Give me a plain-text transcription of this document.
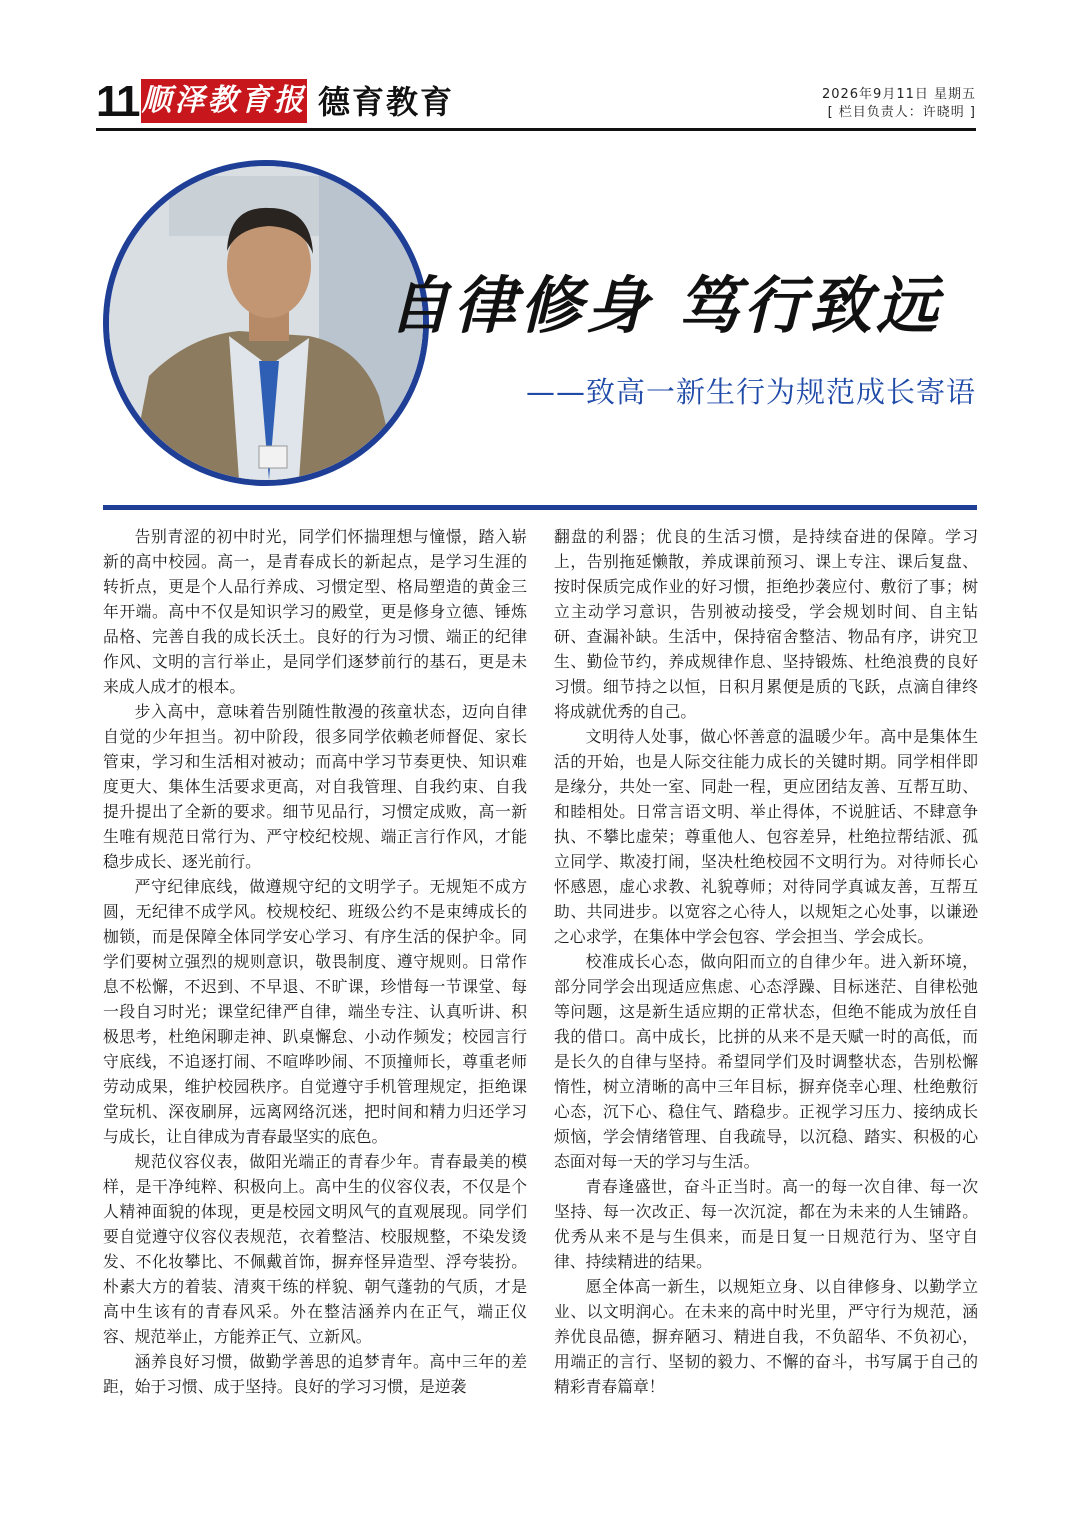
11 顺泽教育报 德育教育	2026年9月11日 星期五
[ 栏目负责人：许晓明 ]
自律修身 笃行致远
——致高一新生行为规范成长寄语

告别青涩的初中时光，同学们怀揣理想与憧憬，踏入崭新的高中校园。高一，是青春成长的新起点，是学习生涯的转折点，更是个人品行养成、习惯定型、格局塑造的黄金三年开端。高中不仅是知识学习的殿堂，更是修身立德、锤炼品格、完善自我的成长沃土。良好的行为习惯、端正的纪律作风、文明的言行举止，是同学们逐梦前行的基石，更是未来成人成才的根本。

步入高中，意味着告别随性散漫的孩童状态，迈向自律自觉的少年担当。初中阶段，很多同学依赖老师督促、家长管束，学习和生活相对被动；而高中学习节奏更快、知识难度更大、集体生活要求更高，对自我管理、自我约束、自我提升提出了全新的要求。细节见品行，习惯定成败，高一新生唯有规范日常行为、严守校纪校规、端正言行作风，才能稳步成长、逐光前行。

严守纪律底线，做遵规守纪的文明学子。无规矩不成方圆，无纪律不成学风。校规校纪、班级公约不是束缚成长的枷锁，而是保障全体同学安心学习、有序生活的保护伞。同学们要树立强烈的规则意识，敬畏制度、遵守规则。日常作息不松懈，不迟到、不早退、不旷课，珍惜每一节课堂、每一段自习时光；课堂纪律严自律，端坐专注、认真听讲、积极思考，杜绝闲聊走神、趴桌懈怠、小动作频发；校园言行守底线，不追逐打闹、不喧哗吵闹、不顶撞师长，尊重老师劳动成果，维护校园秩序。自觉遵守手机管理规定，拒绝课堂玩机、深夜刷屏，远离网络沉迷，把时间和精力归还学习与成长，让自律成为青春最坚实的底色。

规范仪容仪表，做阳光端正的青春少年。青春最美的模样，是干净纯粹、积极向上。高中生的仪容仪表，不仅是个人精神面貌的体现，更是校园文明风气的直观展现。同学们要自觉遵守仪容仪表规范，衣着整洁、校服规整，不染发烫发、不化妆攀比、不佩戴首饰，摒弃怪异造型、浮夸装扮。朴素大方的着装、清爽干练的样貌、朝气蓬勃的气质，才是高中生该有的青春风采。外在整洁涵养内在正气，端正仪容、规范举止，方能养正气、立新风。

涵养良好习惯，做勤学善思的追梦青年。高中三年的差距，始于习惯、成于坚持。良好的学习习惯，是逆袭

翻盘的利器；优良的生活习惯，是持续奋进的保障。学习上，告别拖延懒散，养成课前预习、课上专注、课后复盘、按时保质完成作业的好习惯，拒绝抄袭应付、敷衍了事；树立主动学习意识，告别被动接受，学会规划时间、自主钻研、查漏补缺。生活中，保持宿舍整洁、物品有序，讲究卫生、勤俭节约，养成规律作息、坚持锻炼、杜绝浪费的良好习惯。细节持之以恒，日积月累便是质的飞跃，点滴自律终将成就优秀的自己。

文明待人处事，做心怀善意的温暖少年。高中是集体生活的开始，也是人际交往能力成长的关键时期。同学相伴即是缘分，共处一室、同赴一程，更应团结友善、互帮互助、和睦相处。日常言语文明、举止得体，不说脏话、不肆意争执、不攀比虚荣；尊重他人、包容差异，杜绝拉帮结派、孤立同学、欺凌打闹，坚决杜绝校园不文明行为。对待师长心怀感恩，虚心求教、礼貌尊师；对待同学真诚友善，互帮互助、共同进步。以宽容之心待人，以规矩之心处事，以谦逊之心求学，在集体中学会包容、学会担当、学会成长。

校准成长心态，做向阳而立的自律少年。进入新环境，部分同学会出现适应焦虑、心态浮躁、目标迷茫、自律松弛等问题，这是新生适应期的正常状态，但绝不能成为放任自我的借口。高中成长，比拼的从来不是天赋一时的高低，而是长久的自律与坚持。希望同学们及时调整状态，告别松懈惰性，树立清晰的高中三年目标，摒弃侥幸心理、杜绝敷衍心态，沉下心、稳住气、踏稳步。正视学习压力、接纳成长烦恼，学会情绪管理、自我疏导，以沉稳、踏实、积极的心态面对每一天的学习与生活。

青春逢盛世，奋斗正当时。高一的每一次自律、每一次坚持、每一次改正、每一次沉淀，都在为未来的人生铺路。优秀从来不是与生俱来，而是日复一日规范行为、坚守自律、持续精进的结果。

愿全体高一新生，以规矩立身、以自律修身、以勤学立业、以文明润心。在未来的高中时光里，严守行为规范，涵养优良品德，摒弃陋习、精进自我，不负韶华、不负初心，用端正的言行、坚韧的毅力、不懈的奋斗，书写属于自己的精彩青春篇章！
